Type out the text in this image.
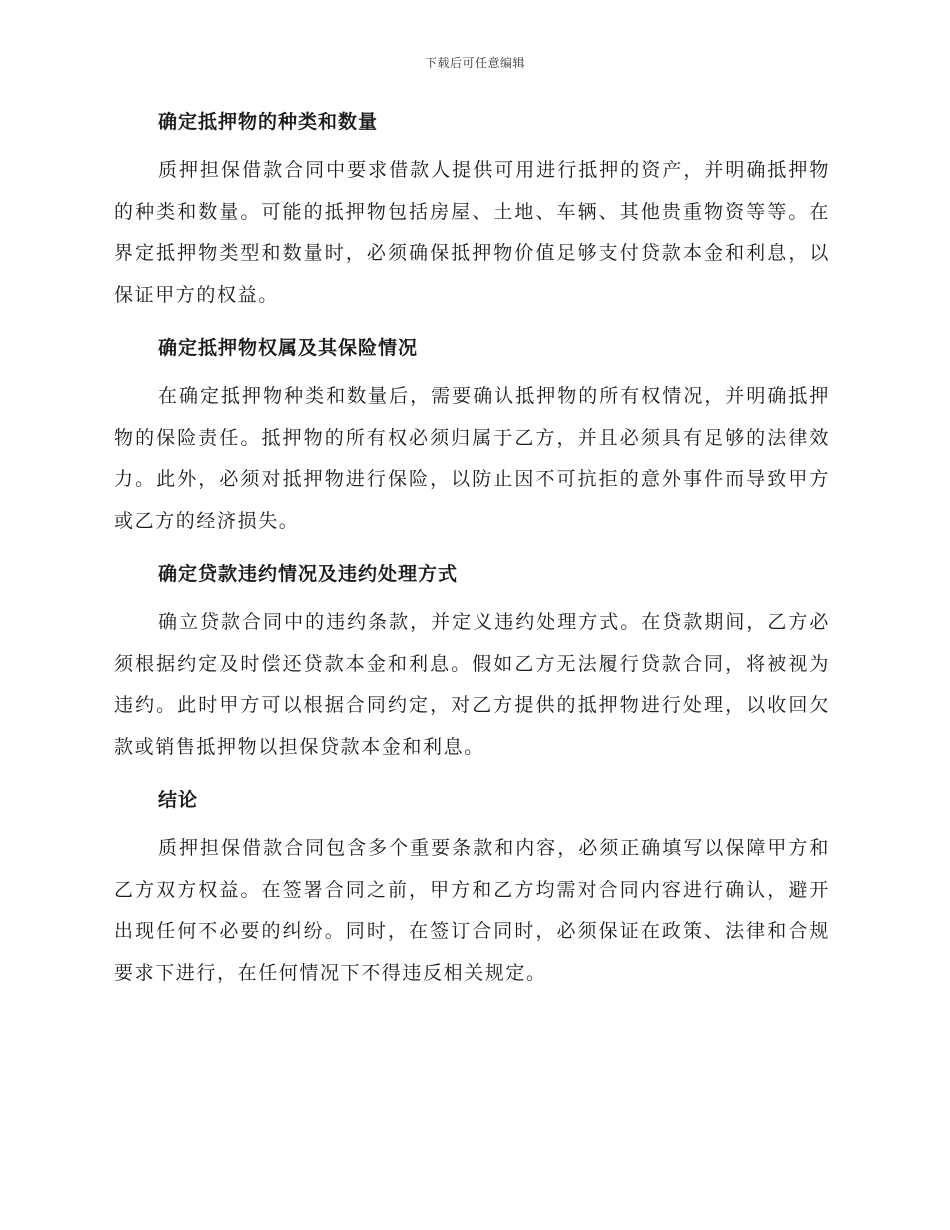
下载后可任意编辑
确定抵押物的种类和数量

质押担保借款合同中要求借款人提供可用进行抵押的资产，并明确抵押物的种类和数量。可能的抵押物包括房屋、土地、车辆、其他贵重物资等等。在界定抵押物类型和数量时，必须确保抵押物价值足够支付贷款本金和利息，以保证甲方的权益。

确定抵押物权属及其保险情况

在确定抵押物种类和数量后，需要确认抵押物的所有权情况，并明确抵押物的保险责任。抵押物的所有权必须归属于乙方，并且必须具有足够的法律效力。此外，必须对抵押物进行保险，以防止因不可抗拒的意外事件而导致甲方或乙方的经济损失。

确定贷款违约情况及违约处理方式

确立贷款合同中的违约条款，并定义违约处理方式。在贷款期间，乙方必须根据约定及时偿还贷款本金和利息。假如乙方无法履行贷款合同，将被视为违约。此时甲方可以根据合同约定，对乙方提供的抵押物进行处理，以收回欠款或销售抵押物以担保贷款本金和利息。

结论

质押担保借款合同包含多个重要条款和内容，必须正确填写以保障甲方和乙方双方权益。在签署合同之前，甲方和乙方均需对合同内容进行确认，避开出现任何不必要的纠纷。同时，在签订合同时，必须保证在政策、法律和合规要求下进行，在任何情况下不得违反相关规定。
